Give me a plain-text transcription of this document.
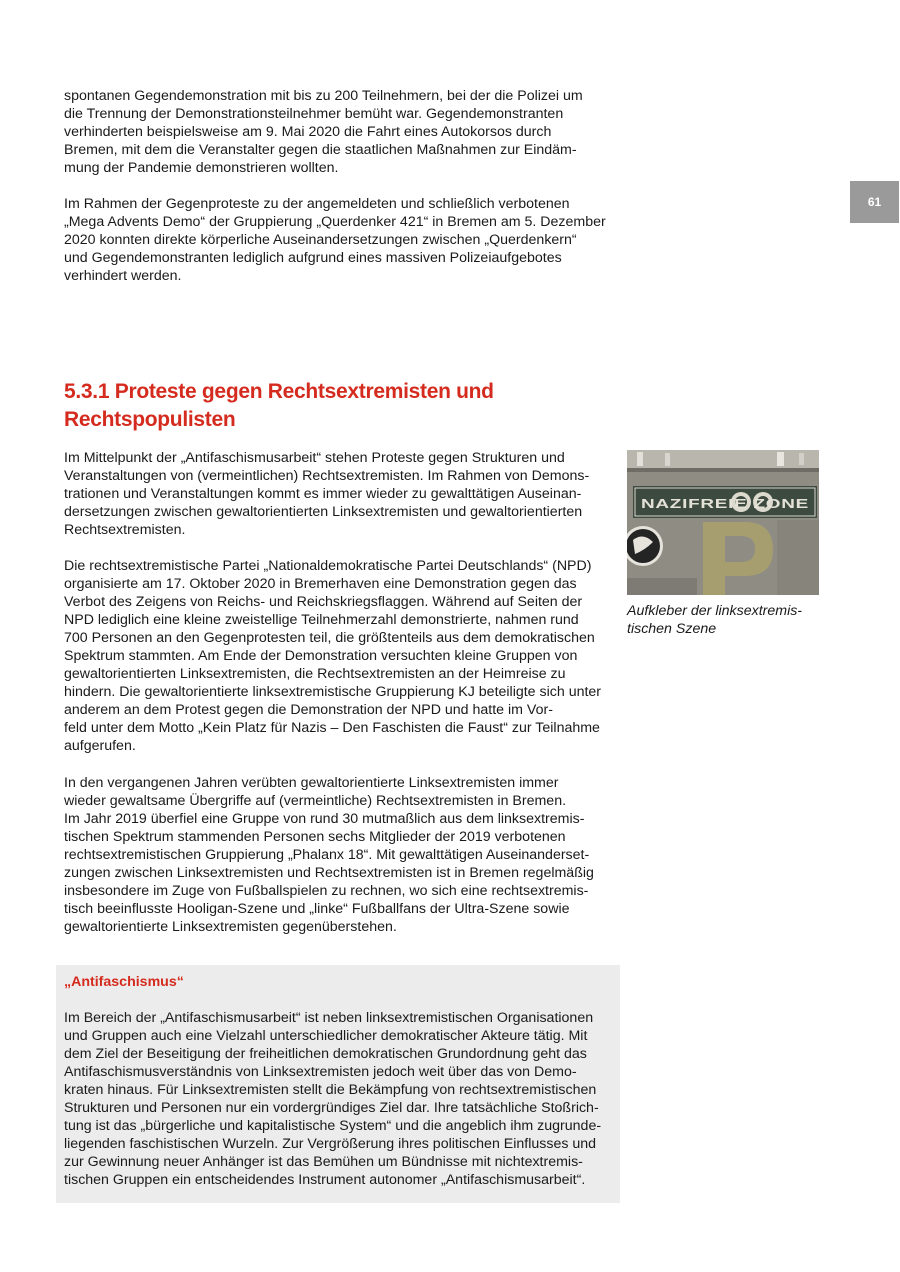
spontanen Gegendemonstration mit bis zu 200 Teilnehmern, bei der die Polizei um
die Trennung der Demonstrationsteilnehmer bemüht war. Gegendemonstranten
verhinderten beispielsweise am 9. Mai 2020 die Fahrt eines Autokorsos durch
Bremen, mit dem die Veranstalter gegen die staatlichen Maßnahmen zur Eindäm-
mung der Pandemie demonstrieren wollten.

Im Rahmen der Gegenproteste zu der angemeldeten und schließlich verbotenen
„Mega Advents Demo“ der Gruppierung „Querdenker 421“ in Bremen am 5. Dezember
2020 konnten direkte körperliche Auseinandersetzungen zwischen „Querdenkern“
und Gegendemonstranten lediglich aufgrund eines massiven Polizeiaufgebotes
verhindert werden.

61
5.3.1 Proteste gegen Rechtsextremisten und
Rechtspopulisten

Im Mittelpunkt der „Antifaschismusarbeit“ stehen Proteste gegen Strukturen und
Veranstaltungen von (vermeintlichen) Rechtsextremisten. Im Rahmen von Demons-
trationen und Veranstaltungen kommt es immer wieder zu gewalttätigen Auseinan-
dersetzungen zwischen gewaltorientierten Linksextremisten und gewaltorientierten
Rechtsextremisten.

Die rechtsextremistische Partei „Nationaldemokratische Partei Deutschlands“ (NPD)
organisierte am 17. Oktober 2020 in Bremerhaven eine Demonstration gegen das
Verbot des Zeigens von Reichs- und Reichskriegsflaggen. Während auf Seiten der
NPD lediglich eine kleine zweistellige Teilnehmerzahl demonstrierte, nahmen rund
700 Personen an den Gegenprotesten teil, die größtenteils aus dem demokratischen
Spektrum stammten. Am Ende der Demonstration versuchten kleine Gruppen von
gewaltorientierten Linksextremisten, die Rechtsextremisten an der Heimreise zu
hindern. Die gewaltorientierte linksextremistische Gruppierung KJ beteiligte sich unter
anderem an dem Protest gegen die Demonstration der NPD und hatte im Vor-
feld unter dem Motto „Kein Platz für Nazis – Den Faschisten die Faust“ zur Teilnahme
aufgerufen.

In den vergangenen Jahren verübten gewaltorientierte Linksextremisten immer
wieder gewaltsame Übergriffe auf (vermeintliche) Rechtsextremisten in Bremen.
Im Jahr 2019 überfiel eine Gruppe von rund 30 mutmaßlich aus dem linksextremis-
tischen Spektrum stammenden Personen sechs Mitglieder der 2019 verbotenen
rechtsextremistischen Gruppierung „Phalanx 18“. Mit gewalttätigen Auseinanderset-
zungen zwischen Linksextremisten und Rechtsextremisten ist in Bremen regelmäßig
insbesondere im Zuge von Fußballspielen zu rechnen, wo sich eine rechtsextremis-
tisch beeinflusste Hooligan-Szene und „linke“ Fußballfans der Ultra-Szene sowie
gewaltorientierte Linksextremisten gegenüberstehen.

Aufkleber der linksextremis-
tischen Szene

„Antifaschismus“

Im Bereich der „Antifaschismusarbeit“ ist neben linksextremistischen Organisationen
und Gruppen auch eine Vielzahl unterschiedlicher demokratischer Akteure tätig. Mit
dem Ziel der Beseitigung der freiheitlichen demokratischen Grundordnung geht das
Antifaschismusverständnis von Linksextremisten jedoch weit über das von Demo-
kraten hinaus. Für Linksextremisten stellt die Bekämpfung von rechtsextremistischen
Strukturen und Personen nur ein vordergründiges Ziel dar. Ihre tatsächliche Stoßrich-
tung ist das „bürgerliche und kapitalistische System“ und die angeblich ihm zugrunde-
liegenden faschistischen Wurzeln. Zur Vergrößerung ihres politischen Einflusses und
zur Gewinnung neuer Anhänger ist das Bemühen um Bündnisse mit nichtextremis-
tischen Gruppen ein entscheidendes Instrument autonomer „Antifaschismusarbeit“.

NAZIFREIE ZONE
